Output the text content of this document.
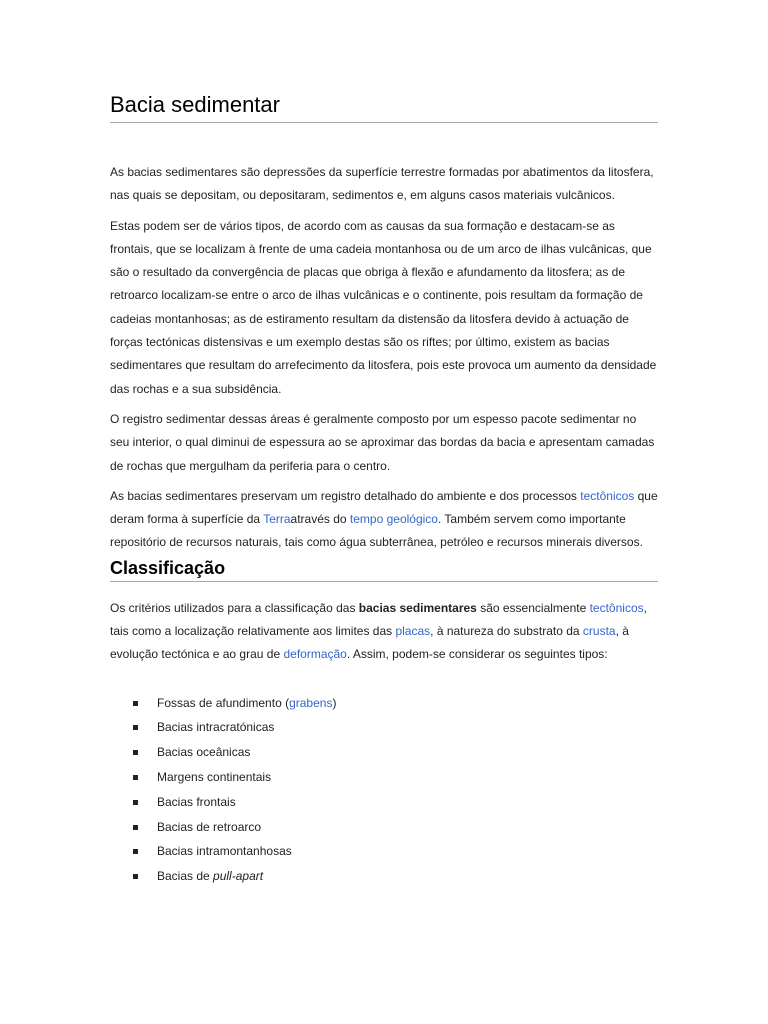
Bacia sedimentar

As bacias sedimentares são depressões da superfície terrestre formadas por abatimentos da litosfera, nas quais se depositam, ou depositaram, sedimentos e, em alguns casos materiais vulcânicos.

Estas podem ser de vários tipos, de acordo com as causas da sua formação e destacam-se as frontais, que se localizam à frente de uma cadeia montanhosa ou de um arco de ilhas vulcânicas, que são o resultado da convergência de placas que obriga à flexão e afundamento da litosfera; as de retroarco localizam-se entre o arco de ilhas vulcânicas e o continente, pois resultam da formação de cadeias montanhosas; as de estiramento resultam da distensão da litosfera devido à actuação de forças tectónicas distensivas e um exemplo destas são os riftes; por último, existem as bacias sedimentares que resultam do arrefecimento da litosfera, pois este provoca um aumento da densidade das rochas e a sua subsidência.

O registro sedimentar dessas áreas é geralmente composto por um espesso pacote sedimentar no seu interior, o qual diminui de espessura ao se aproximar das bordas da bacia e apresentam camadas de rochas que mergulham da periferia para o centro.

As bacias sedimentares preservam um registro detalhado do ambiente e dos processos tectônicos que deram forma à superfície da Terraatravés do tempo geológico. Também servem como importante repositório de recursos naturais, tais como água subterrânea, petróleo e recursos minerais diversos.

Classificação

Os critérios utilizados para a classificação das bacias sedimentares são essencialmente tectônicos, tais como a localização relativamente aos limites das placas, à natureza do substrato da crusta, à evolução tectónica e ao grau de deformação. Assim, podem-se considerar os seguintes tipos:

Fossas de afundimento (grabens)
Bacias intracratónicas
Bacias oceânicas
Margens continentais
Bacias frontais
Bacias de retroarco
Bacias intramontanhosas
Bacias de pull-apart
